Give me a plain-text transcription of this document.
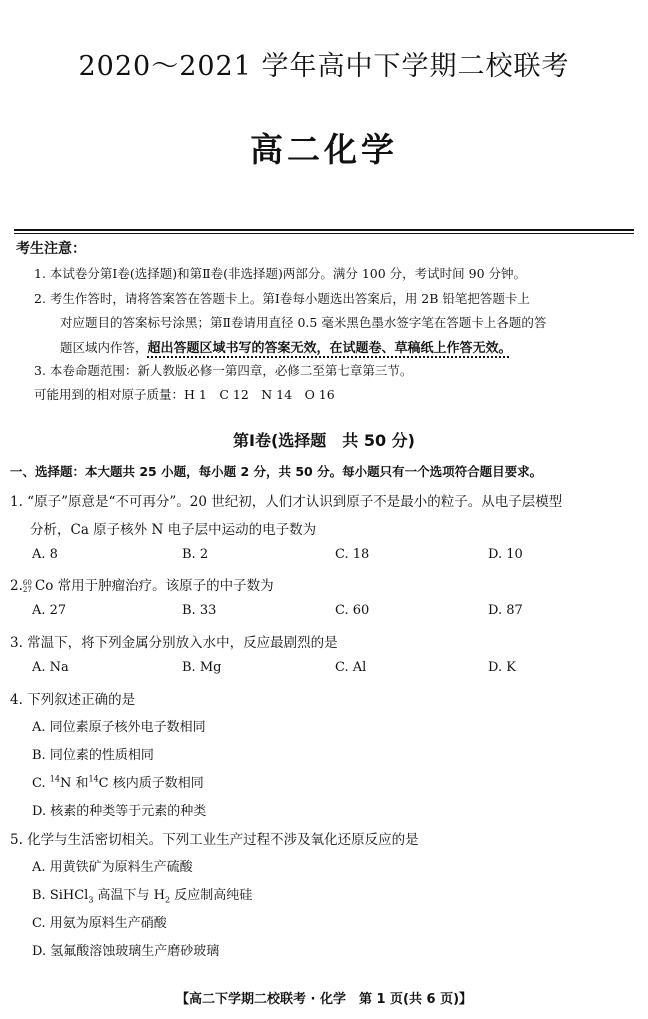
2020～2021 学年高中下学期二校联考
高二化学
考生注意：
1. 本试卷分第Ⅰ卷(选择题)和第Ⅱ卷(非选择题)两部分。满分 100 分，考试时间 90 分钟。
2. 考生作答时，请将答案答在答题卡上。第Ⅰ卷每小题选出答案后，用 2B 铅笔把答题卡上
对应题目的答案标号涂黑；第Ⅱ卷请用直径 0.5 毫米黑色墨水签字笔在答题卡上各题的答
题区域内作答，超出答题区域书写的答案无效，在试题卷、草稿纸上作答无效。
3. 本卷命题范围：新人教版必修一第四章，必修二至第七章第三节。
可能用到的相对原子质量：H 1　C 12　N 14　O 16
第Ⅰ卷(选择题　共 50 分)
一、选择题：本大题共 25 小题，每小题 2 分，共 50 分。每小题只有一个选项符合题目要求。
1. “原子”原意是“不可再分”。20 世纪初，人们才认识到原子不是最小的粒子。从电子层模型
分析，Ca 原子核外 N 电子层中运动的电子数为
A. 8	B. 2	C. 18	D. 10
2. 60
27 Co 常用于肿瘤治疗。该原子的中子数为
A. 27	B. 33	C. 60	D. 87
3. 常温下，将下列金属分别放入水中，反应最剧烈的是
A. Na	B. Mg	C. Al	D. K
4. 下列叙述正确的是
A. 同位素原子核外电子数相同
B. 同位素的性质相同
C. $^{14}$N 和$^{14}$C 核内质子数相同
D. 核素的种类等于元素的种类
5. 化学与生活密切相关。下列工业生产过程不涉及氧化还原反应的是
A. 用黄铁矿为原料生产硫酸
B. SiHCl$_3$ 高温下与 $H_2$ 反应制高纯硅
C. 用氨为原料生产硝酸
D. 氢氟酸溶蚀玻璃生产磨砂玻璃
【高二下学期二校联考 · 化学　第 1 页(共 6 页)】
